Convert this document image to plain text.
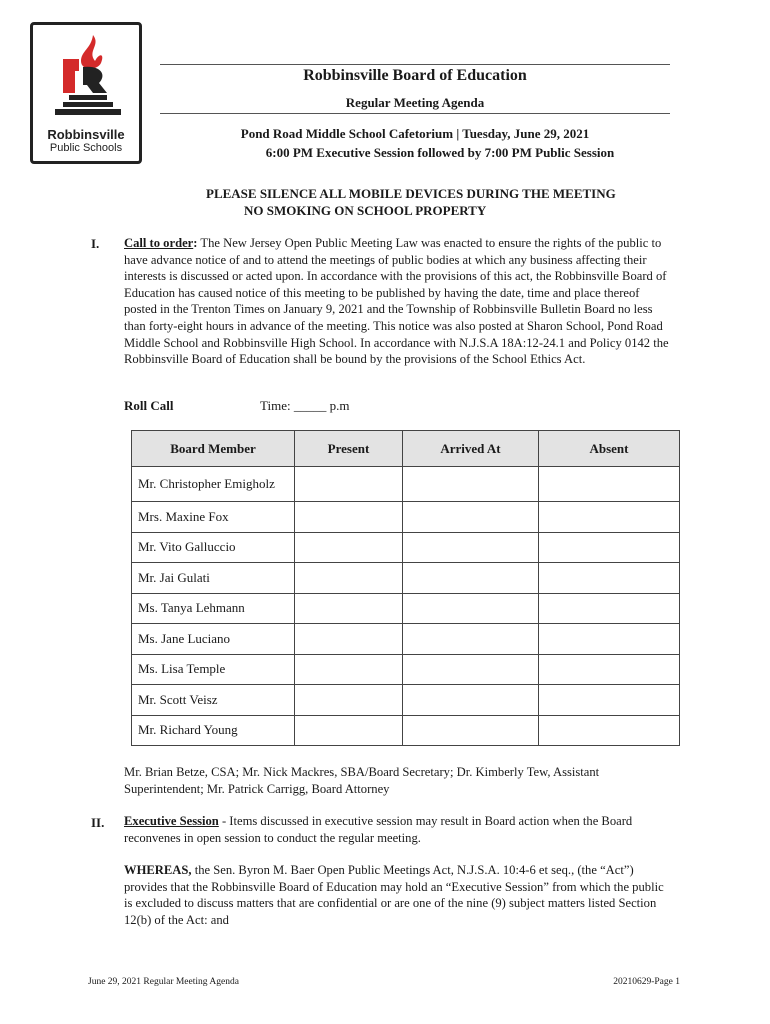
Robbinsville
Public Schools
Robbinsville Board of Education
Regular Meeting Agenda
Pond Road Middle School Cafetorium | Tuesday, June 29, 2021
6:00 PM Executive Session followed by 7:00 PM Public Session
PLEASE SILENCE ALL MOBILE DEVICES DURING THE MEETING
NO SMOKING ON SCHOOL PROPERTY
I. Call to order: The New Jersey Open Public Meeting Law was enacted to ensure the rights of the public to have advance notice of and to attend the meetings of public bodies at which any business affecting their interests is discussed or acted upon. In accordance with the provisions of this act, the Robbinsville Board of Education has caused notice of this meeting to be published by having the date, time and place thereof posted in the Trenton Times on January 9, 2021 and the Township of Robbinsville Bulletin Board no less than forty-eight hours in advance of the meeting. This notice was also posted at Sharon School, Pond Road Middle School and Robbinsville High School. In accordance with N.J.S.A 18A:12-24.1 and Policy 0142 the Robbinsville Board of Education shall be bound by the provisions of the School Ethics Act.
Roll Call	Time: _____ p.m
Board Member	Present	Arrived At	Absent
Mr. Christopher Emigholz			
Mrs. Maxine Fox			
Mr. Vito Galluccio			
Mr. Jai Gulati			
Ms. Tanya Lehmann			
Ms. Jane Luciano			
Ms. Lisa Temple			
Mr. Scott Veisz			
Mr. Richard Young			
Mr. Brian Betze, CSA; Mr. Nick Mackres, SBA/Board Secretary; Dr. Kimberly Tew, Assistant Superintendent; Mr. Patrick Carrigg, Board Attorney
II. Executive Session - Items discussed in executive session may result in Board action when the Board reconvenes in open session to conduct the regular meeting.
WHEREAS, the Sen. Byron M. Baer Open Public Meetings Act, N.J.S.A. 10:4-6 et seq., (the “Act”) provides that the Robbinsville Board of Education may hold an “Executive Session” from which the public is excluded to discuss matters that are confidential or are one of the nine (9) subject matters listed Section 12(b) of the Act: and
June 29, 2021 Regular Meeting Agenda	20210629-Page 1
